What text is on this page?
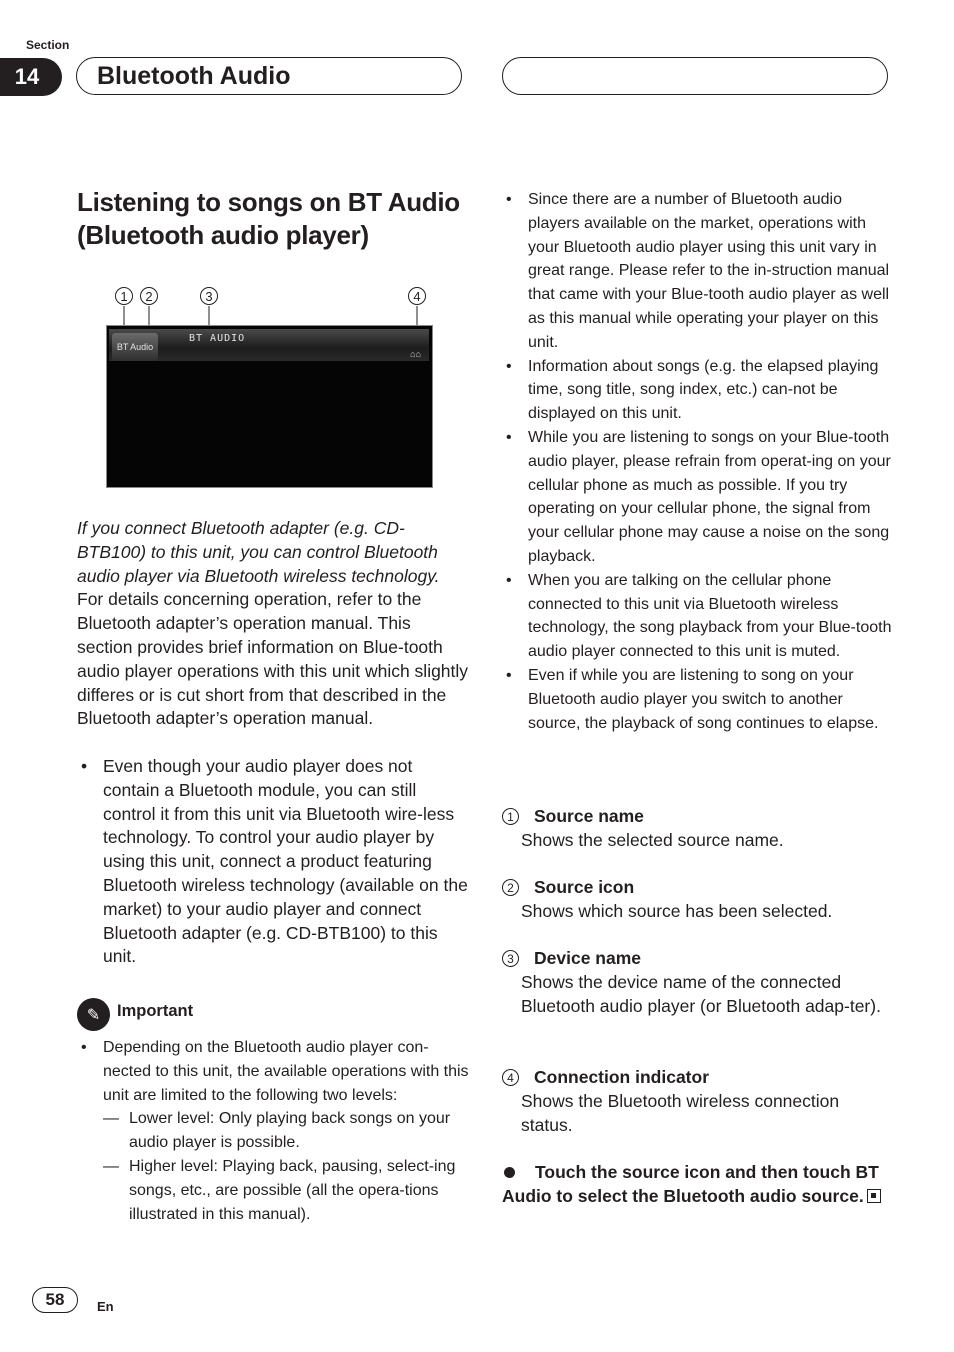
Section
14	Bluetooth Audio
Listening to songs on BT Audio (Bluetooth audio player)
1	2	3	4
BT Audio
BT AUDIO
⌂⌂
If you connect Bluetooth adapter (e.g. CD-BTB100) to this unit, you can control Bluetooth audio player via Bluetooth wireless technology.
For details concerning operation, refer to the Bluetooth adapter’s operation manual. This section provides brief information on Blue-tooth audio player operations with this unit which slightly differes or is cut short from that described in the Bluetooth adapter’s operation manual.
• Even though your audio player does not contain a Bluetooth module, you can still control it from this unit via Bluetooth wire-less technology. To control your audio player by using this unit, connect a product featuring Bluetooth wireless technology (available on the market) to your audio player and connect Bluetooth adapter (e.g. CD-BTB100) to this unit.
✎	Important
• Depending on the Bluetooth audio player con-nected to this unit, the available operations with this unit are limited to the following two levels:
— Lower level: Only playing back songs on your audio player is possible.
— Higher level: Playing back, pausing, select-ing songs, etc., are possible (all the opera-tions illustrated in this manual).
• Since there are a number of Bluetooth audio players available on the market, operations with your Bluetooth audio player using this unit vary in great range. Please refer to the in-struction manual that came with your Blue-tooth audio player as well as this manual while operating your player on this unit.
• Information about songs (e.g. the elapsed playing time, song title, song index, etc.) can-not be displayed on this unit.
• While you are listening to songs on your Blue-tooth audio player, please refrain from operat-ing on your cellular phone as much as possible. If you try operating on your cellular phone, the signal from your cellular phone may cause a noise on the song playback.
• When you are talking on the cellular phone connected to this unit via Bluetooth wireless technology, the song playback from your Blue-tooth audio player connected to this unit is muted.
• Even if while you are listening to song on your Bluetooth audio player you switch to another source, the playback of song continues to elapse.
1 Source name
Shows the selected source name.
2 Source icon
Shows which source has been selected.
3 Device name
Shows the device name of the connected Bluetooth audio player (or Bluetooth adap-ter).
4 Connection indicator
Shows the Bluetooth wireless connection status.
Touch the source icon and then touch BT Audio to select the Bluetooth audio source.
58	En
